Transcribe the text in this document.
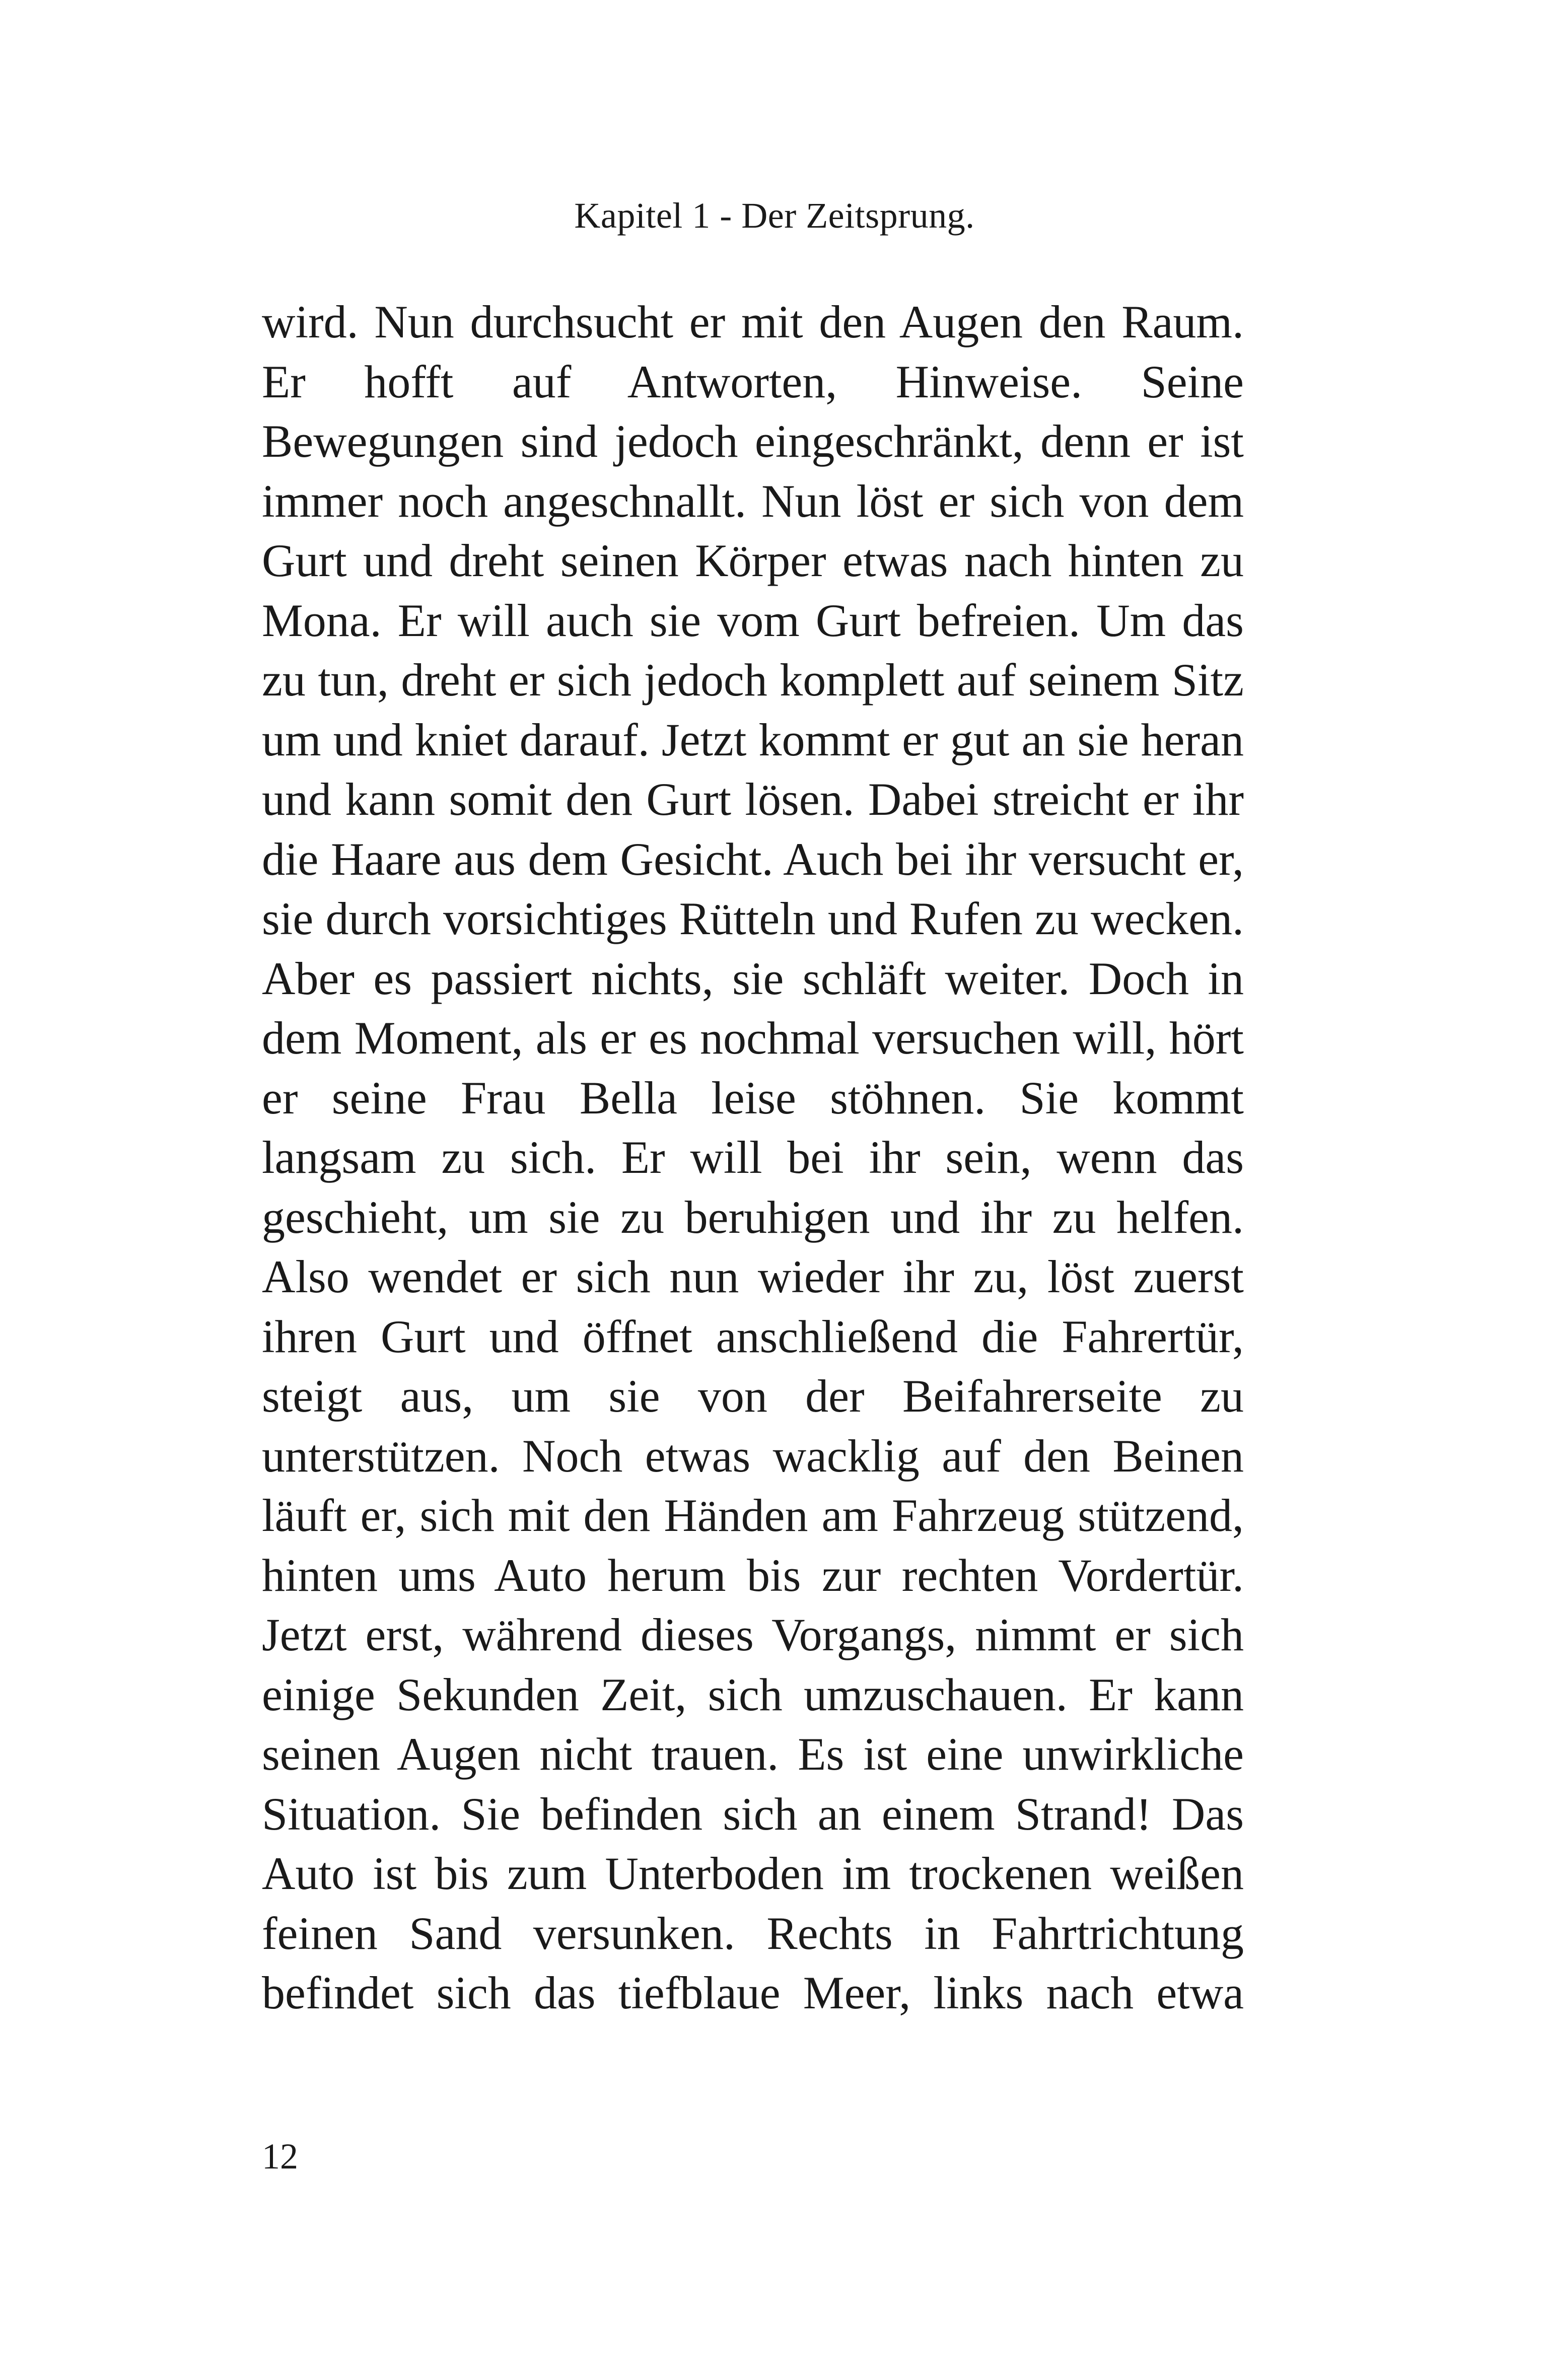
Kapitel 1 - Der Zeitsprung.
wird. Nun durchsucht er mit den Augen den Raum.
Er hofft auf Antworten, Hinweise. Seine
Bewegungen sind jedoch eingeschränkt, denn er ist
immer noch angeschnallt. Nun löst er sich von dem
Gurt und dreht seinen Körper etwas nach hinten zu
Mona. Er will auch sie vom Gurt befreien. Um das
zu tun, dreht er sich jedoch komplett auf seinem Sitz
um und kniet darauf. Jetzt kommt er gut an sie heran
und kann somit den Gurt lösen. Dabei streicht er ihr
die Haare aus dem Gesicht. Auch bei ihr versucht er,
sie durch vorsichtiges Rütteln und Rufen zu wecken.
Aber es passiert nichts, sie schläft weiter. Doch in
dem Moment, als er es nochmal versuchen will, hört
er seine Frau Bella leise stöhnen. Sie kommt
langsam zu sich. Er will bei ihr sein, wenn das
geschieht, um sie zu beruhigen und ihr zu helfen.
Also wendet er sich nun wieder ihr zu, löst zuerst
ihren Gurt und öffnet anschließend die Fahrertür,
steigt aus, um sie von der Beifahrerseite zu
unterstützen. Noch etwas wacklig auf den Beinen
läuft er, sich mit den Händen am Fahrzeug stützend,
hinten ums Auto herum bis zur rechten Vordertür.
Jetzt erst, während dieses Vorgangs, nimmt er sich
einige Sekunden Zeit, sich umzuschauen. Er kann
seinen Augen nicht trauen. Es ist eine unwirkliche
Situation. Sie befinden sich an einem Strand! Das
Auto ist bis zum Unterboden im trockenen weißen
feinen Sand versunken. Rechts in Fahrtrichtung
befindet sich das tiefblaue Meer, links nach etwa
12
